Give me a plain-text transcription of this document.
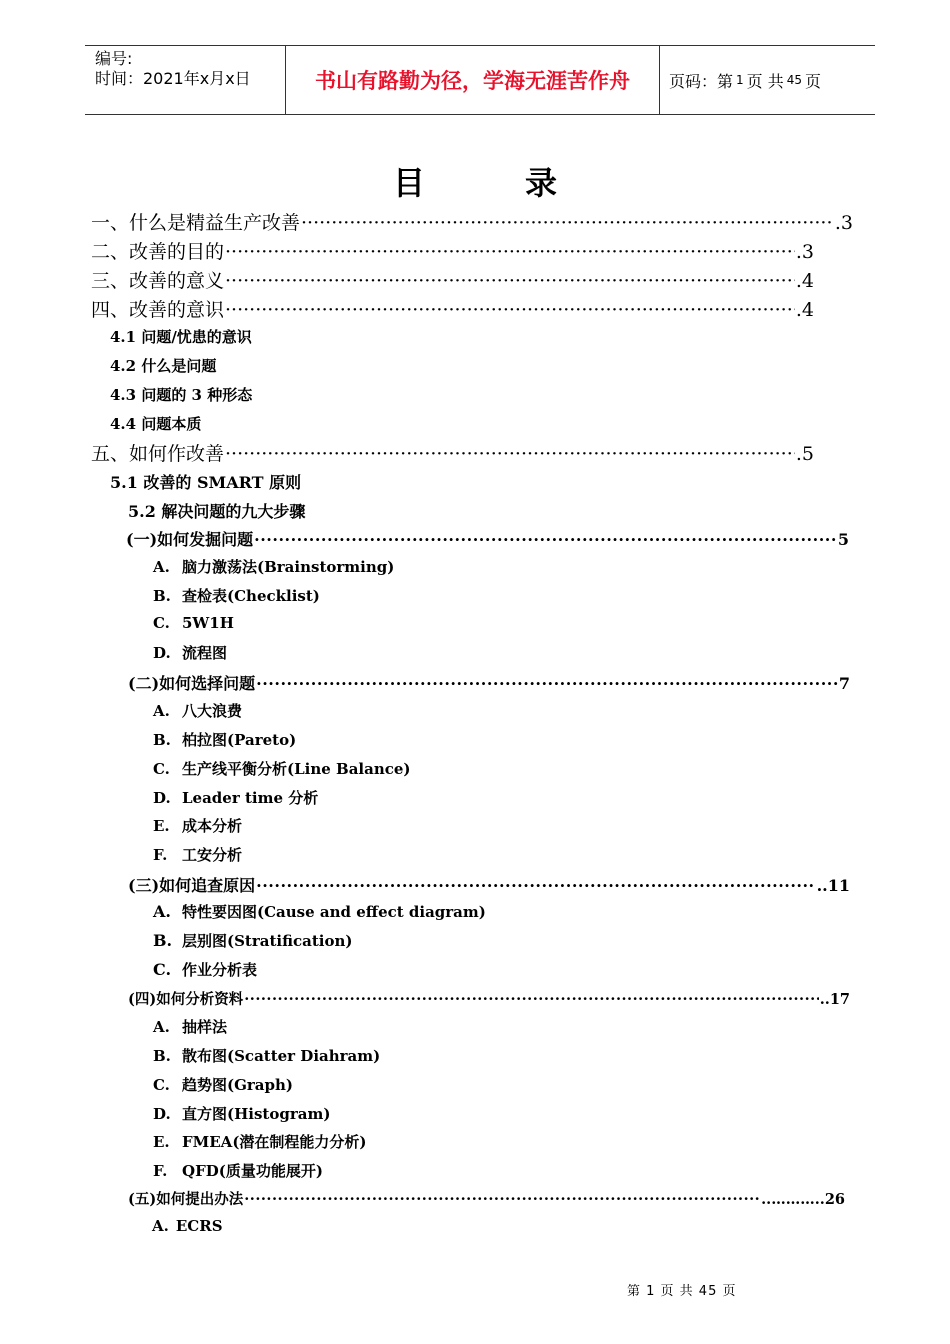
编号:
时间：2021年x月x日	书山有路勤为径，学海无涯苦作舟	页码：第 1 页 共 45 页
目	录
一、什么是精益生产改善 ·····	.3
二、改善的目的 ·····	.3
三、改善的意义 ·····	.4
四、改善的意识 ·····	.4
4.1 问题/忧患的意识
4.2 什么是问题
4.3 问题的 3 种形态
4.4 问题本质
五、如何作改善 ·····	.5
5.1 改善的 SMART 原则
5.2 解决问题的九大步骤
(一)如何发掘问题 ·····	5
A. 脑力激荡法(Brainstorming)
B. 查检表(Checklist)
C. 5W1H
D. 流程图
(二)如何选择问题 ·····	7
A. 八大浪费
B. 柏拉图(Pareto)
C. 生产线平衡分析(Line Balance)
D. Leader time 分析
E. 成本分析
F. 工安分析
(三)如何追查原因 ·····	..11
A. 特性要因图(Cause and effect diagram)
B. 层别图(Stratification)
C. 作业分析表
(四)如何分析资料 ·····	..17
A. 抽样法
B. 散布图(Scatter Diahram)
C. 趋势图(Graph)
D. 直方图(Histogram)
E. FMEA(潜在制程能力分析)
F. QFD(质量功能展开)
(五)如何提出办法 ·····	..………..26
A. ECRS
第 1 页 共 45 页
